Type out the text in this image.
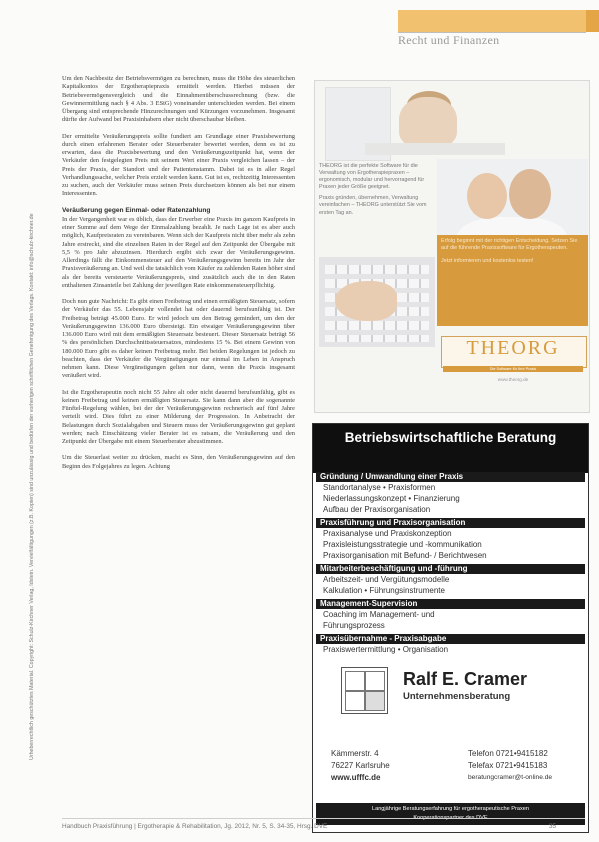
Recht und Finanzen
Urheberrechtlich geschütztes Material. Copyright: Schulz-Kirchner Verlag, Idstein. Vervielfältigungen (z.B. Kopien) sind unzulässig und bedürfen der vorherigen schriftlichen Genehmigung des Verlags. Kontakt: info@schulz-kirchner.de

Um den Nachbesitz der Betriebsvermögen zu berechnen, muss die Höhe des steuerlichen Kapitalkontos der Ergotherapiepraxis ermittelt werden. Hierbei müssen der Betriebsvermögensvergleich und die Einnahmenüberschussrechnung (bzw. die Gewinnermittlung nach § 4 Abs. 3 EStG) voneinander unterschieden werden. Bei einem Übergang sind entsprechende Hinzurechnungen und Kürzungen vorzunehmen. Insgesamt dürfte der Aufwand bei Praxisinhabern eher nicht überschaubar bleiben.

Der ermittelte Veräußerungspreis sollte fundiert am Grundlage einer Praxisbewertung durch einen erfahrenen Berater oder Steuerberater bewertet werden, denn es ist zu erwarten, dass die Praxisbewertung und den Veräußerungszeitpunkt hat, wenn der Verkäufer den festgelegten Preis mit seinem Wert einer Praxis vergleichen lassen – der Preis der Praxis, der Standort und der Patientenstamm. Dabei ist es in aller Regel Verhandlungssache, welcher Preis erzielt werden kann. Gut ist es, rechtzeitig Interessenten zu suchen, auch der Verkäufer muss seinen Preis durchsetzen können als bei nur einem Interessenten.

Veräußerung gegen Einmal- oder Ratenzahlung

In der Vergangenheit war es üblich, dass der Erwerber eine Praxis im ganzen Kaufpreis in einer Summe auf dem Wege der Einmalzahlung bezahlt. Je nach Lage ist es aber auch möglich, Kaufpreisraten zu vereinbaren. Wenn sich der Kaufpreis nicht über mehr als zehn Jahre erstreckt, sind die einzelnen Raten in der Regel auf den Zeitpunkt der Übergabe mit 5,5 % pro Jahr abzuzinsen. Hierdurch ergibt sich zwar der Veräußerungsgewinn. Allerdings fällt die Einkommensteuer auf den Veräußerungsgewinn bereits im Jahr der Praxisveräußerung an. Und weil die tatsächlich vom Käufer zu zahlenden Raten höher sind als der bereits versteuerte Veräußerungspreis, sind zusätzlich auch die in den Raten enthaltenen Zinsanteile bei Zahlung der jeweiligen Rate einkommensteuerpflichtig.

Doch nun gute Nachricht: Es gibt einen Freibetrag und einen ermäßigten Steuersatz, sofern der Verkäufer das 55. Lebensjahr vollendet hat oder dauernd berufsunfähig ist. Der Freibetrag beträgt 45.000 Euro. Er wird jedoch um den Betrag gemindert, um den der Veräußerungsgewinn 136.000 Euro übersteigt. Ein etwaiger Veräußerungsgewinn über 136.000 Euro wird mit dem ermäßigten Steuersatz besteuert. Dieser Steuersatz beträgt 56 % des persönlichen Durchschnittssteuersatzes, mindestens 15 %. Bei einem Gewinn von 180.000 Euro gibt es daher keinen Freibetrag mehr. Bei beiden Regelungen ist jedoch zu beachten, dass der Verkäufer die Vergünstigungen nur einmal im Leben in Anspruch nehmen kann. Diese Vergünstigungen gelten nur dann, wenn die Praxis insgesamt veräußert wird.

Ist die Ergotherapeutin noch nicht 55 Jahre alt oder nicht dauernd berufsunfähig, gibt es keinen Freibetrag und keinen ermäßigten Steuersatz. Sie kann dann aber die sogenannte Fünftel-Regelung wählen, bei der der Veräußerungsgewinn rechnerisch auf fünf Jahre verteilt wird. Dies führt zu einer Milderung der Progression. In Anbetracht der Belastungen durch Sozialabgaben und Steuern muss der Veräußerungsgewinn gut geplant werden; nach Einschätzung vieler Berater ist es ratsam, die Veräußerung und den Zeitpunkt der Übergabe mit einem Steuerberater abzustimmen.

Um die Steuerlast weiter zu drücken, macht es Sinn, den Veräußerungsgewinn auf den Beginn des Folgejahres zu legen. Achtung

THEORG ist die perfekte Software für die Verwaltung von Ergotherapiepraxen – ergonomisch, modular und hervorragend für Praxen jeder Größe geeignet.

Praxis gründen, übernehmen, Verwaltung vereinfachen – THEORG unterstützt Sie vom ersten Tag an.

Erfolg beginnt mit der richtigen Entscheidung. Setzen Sie auf die führende Praxissoftware für Ergotherapeuten.

Jetzt informieren und kostenlos testen!

THEORG
Die Software für Ihre Praxis
www.theorg.de
Betriebswirtschaftliche Beratung
Gründung / Umwandlung einer Praxis
Standortanalyse • Praxisformen
Niederlassungskonzept • Finanzierung
Aufbau der Praxisorganisation
Praxisführung und Praxisorganisation
Praxisanalyse und Praxiskonzeption
Praxisleistungsstrategie und -kommunikation
Praxisorganisation mit Befund- / Berichtwesen
Mitarbeiterbeschäftigung und -führung
Arbeitszeit- und Vergütungsmodelle
Kalkulation • Führungsinstrumente
Management-Supervision
Coaching im Management- und
Führungsprozess
Praxisübernahme - Praxisabgabe
Praxiswertermittlung • Organisation
Ralf E. Cramer
Unternehmensberatung
Kämmerstr. 4
76227 Karlsruhe
www.ufffc.de
Telefon 0721•9415182
Telefax 0721•9415183
beratungcramer@t-online.de
Langjährige Beratungserfahrung für ergotherapeutische Praxen
Handbuch Praxisführung | Ergotherapie & Rehabilitation, Jg. 2012, Nr. 5, S. 34-35, Hrsg. DVE	35
